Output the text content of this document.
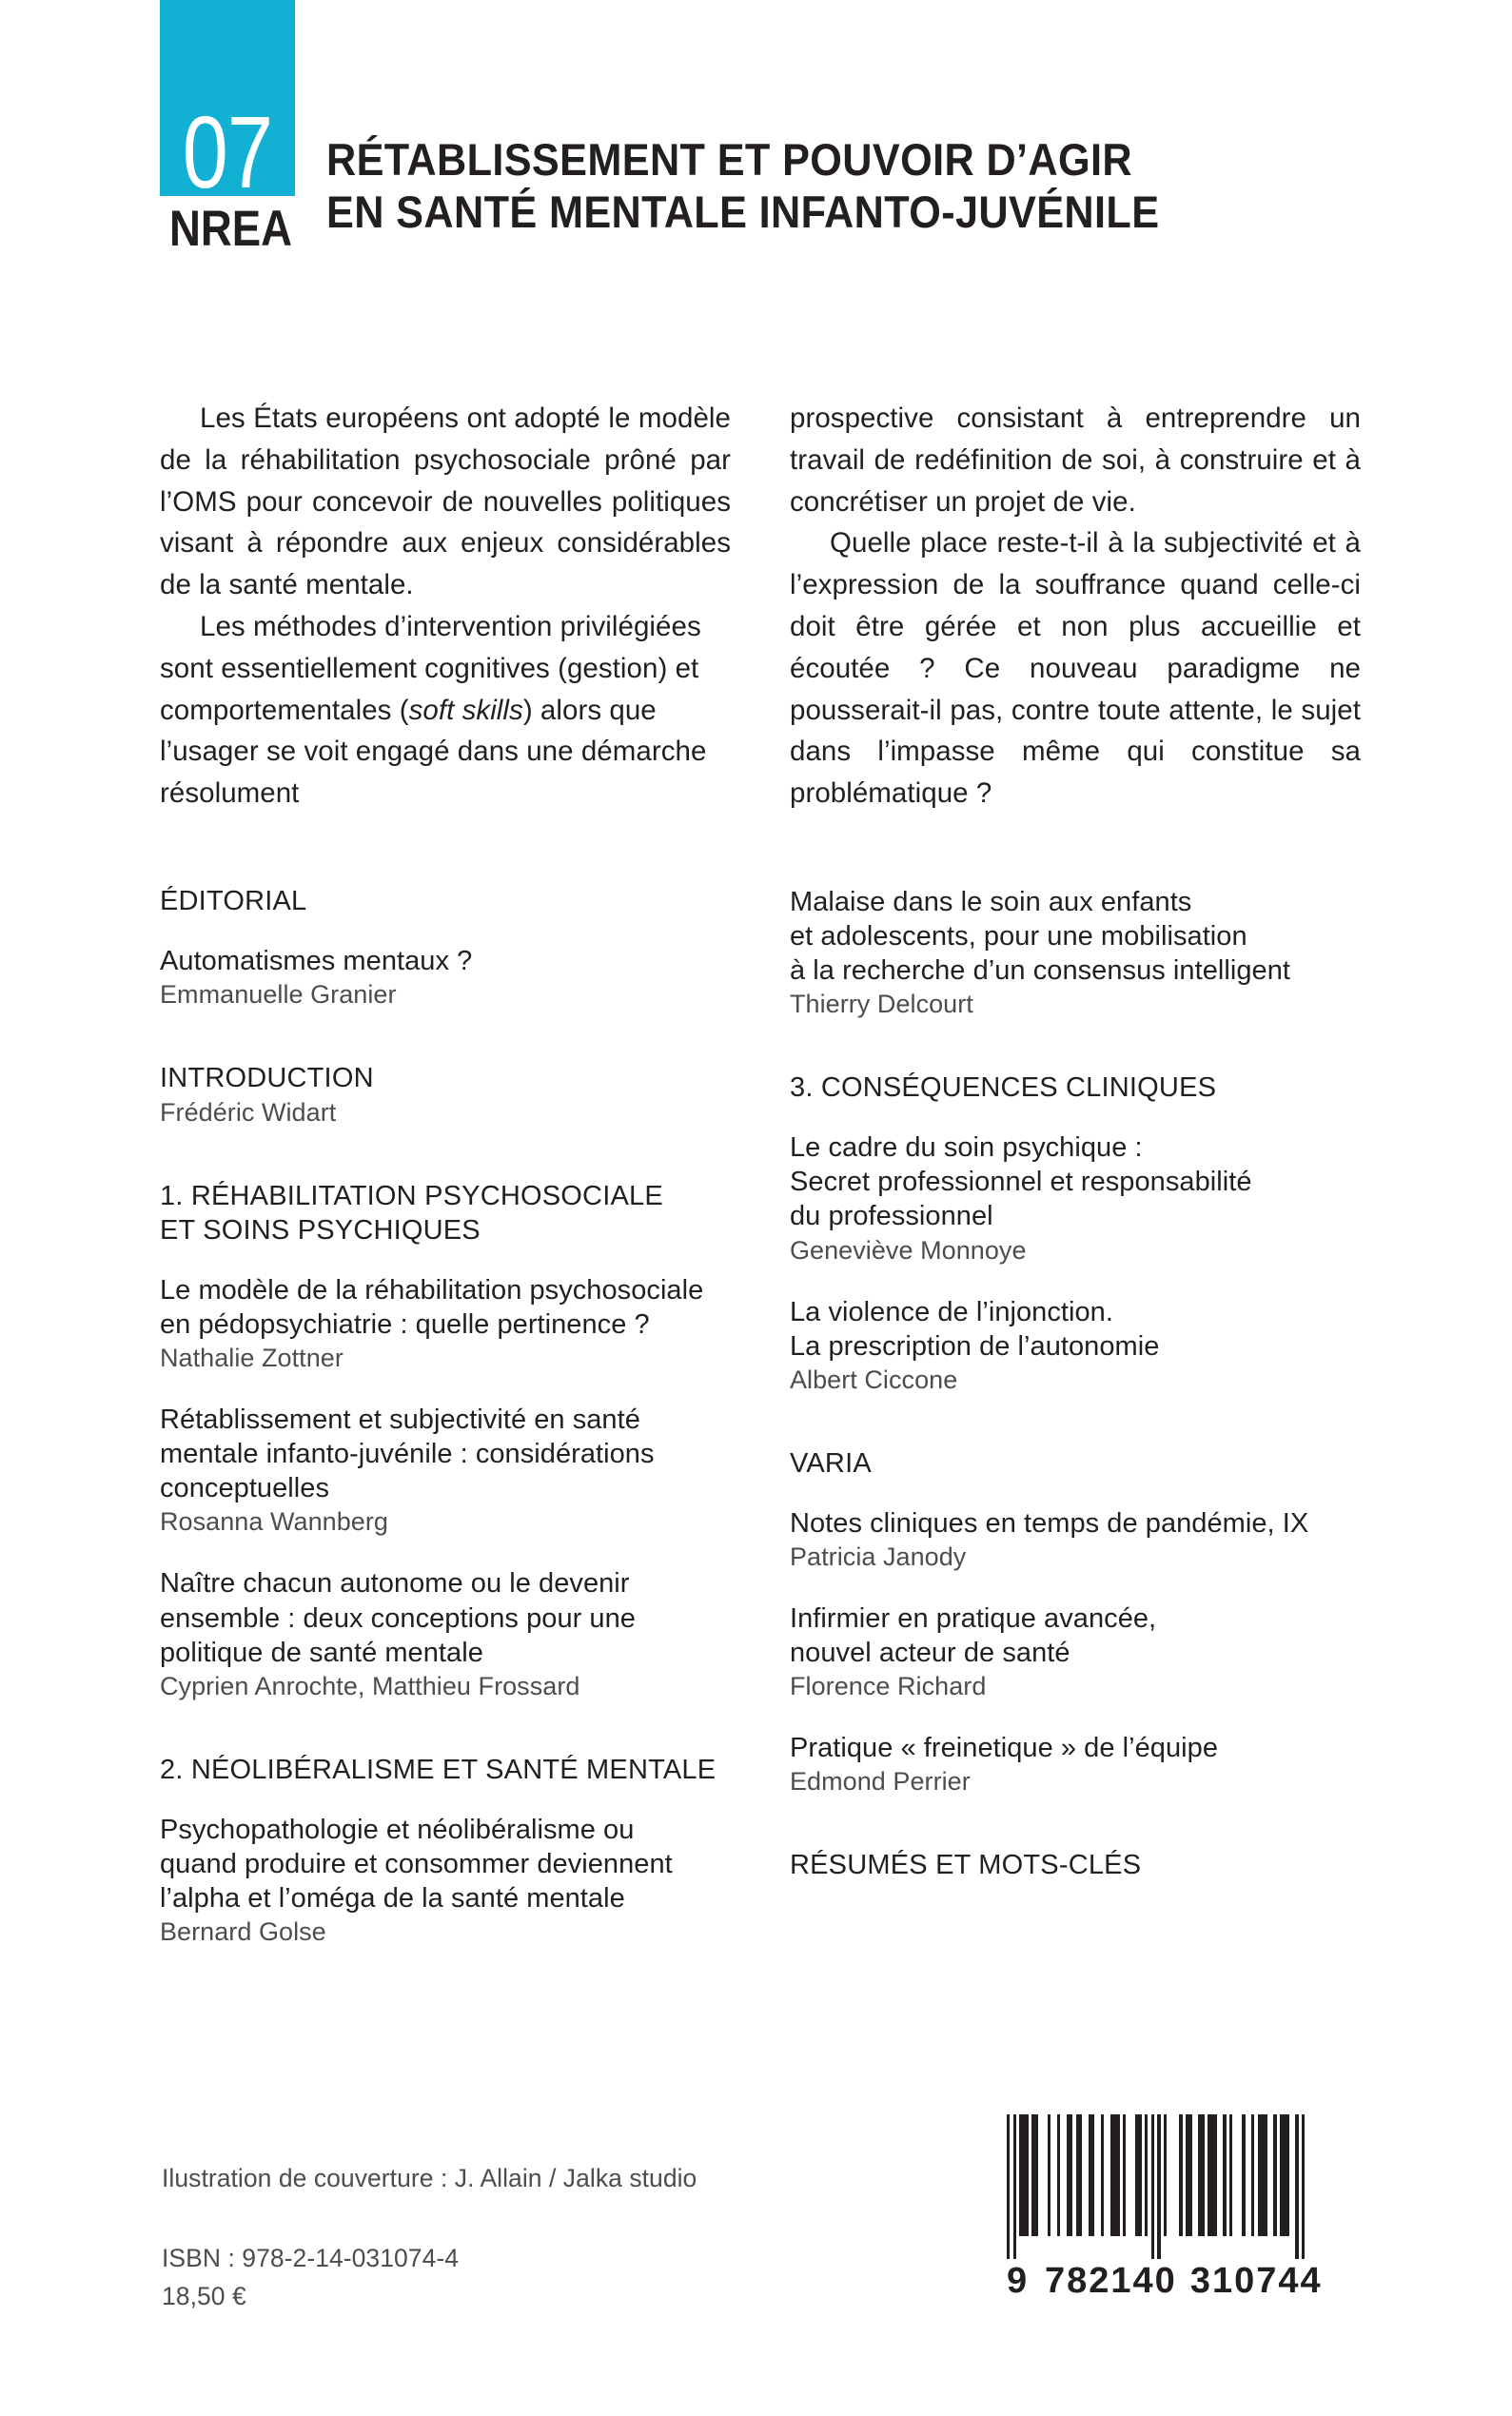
07
NREA
RÉTABLISSEMENT ET POUVOIR D’AGIR
EN SANTÉ MENTALE INFANTO-JUVÉNILE

Les États européens ont adopté le modèle de la réhabilitation psychosociale prôné par l’OMS pour concevoir de nouvelles politiques visant à répondre aux enjeux considérables de la santé mentale.

Les méthodes d’intervention privilégiées sont essentiellement cognitives (gestion) et comportementales (soft skills) alors que l’usager se voit engagé dans une démarche résolument

prospective consistant à entreprendre un travail de redéfinition de soi, à construire et à concrétiser un projet de vie.

Quelle place reste-t-il à la subjectivité et à l’expression de la souffrance quand celle-ci doit être gérée et non plus accueillie et écoutée ? Ce nouveau paradigme ne pousserait-il pas, contre toute attente, le sujet dans l’impasse même qui constitue sa problématique ?

ÉDITORIAL
Automatismes mentaux ?
Emmanuelle Granier
INTRODUCTION
Frédéric Widart
1. RÉHABILITATION PSYCHOSOCIALE
ET SOINS PSYCHIQUES
Le modèle de la réhabilitation psychosociale
en pédopsychiatrie : quelle pertinence ?
Nathalie Zottner
Rétablissement et subjectivité en santé
mentale infanto-juvénile : considérations
conceptuelles
Rosanna Wannberg
Naître chacun autonome ou le devenir
ensemble : deux conceptions pour une
politique de santé mentale
Cyprien Anrochte, Matthieu Frossard
2. NÉOLIBÉRALISME ET SANTÉ MENTALE
Psychopathologie et néolibéralisme ou
quand produire et consommer deviennent
l’alpha et l’oméga de la santé mentale
Bernard Golse
Malaise dans le soin aux enfants
et adolescents, pour une mobilisation
à la recherche d’un consensus intelligent
Thierry Delcourt
3. CONSÉQUENCES CLINIQUES
Le cadre du soin psychique :
Secret professionnel et responsabilité
du professionnel
Geneviève Monnoye
La violence de l’injonction.
La prescription de l’autonomie
Albert Ciccone
VARIA
Notes cliniques en temps de pandémie, IX
Patricia Janody
Infirmier en pratique avancée,
nouvel acteur de santé
Florence Richard
Pratique « freinetique » de l’équipe
Edmond Perrier
RÉSUMÉS ET MOTS-CLÉS
Ilustration de couverture : J. Allain / Jalka studio
ISBN : 978-2-14-031074-4
18,50 €	9 782140 310744
